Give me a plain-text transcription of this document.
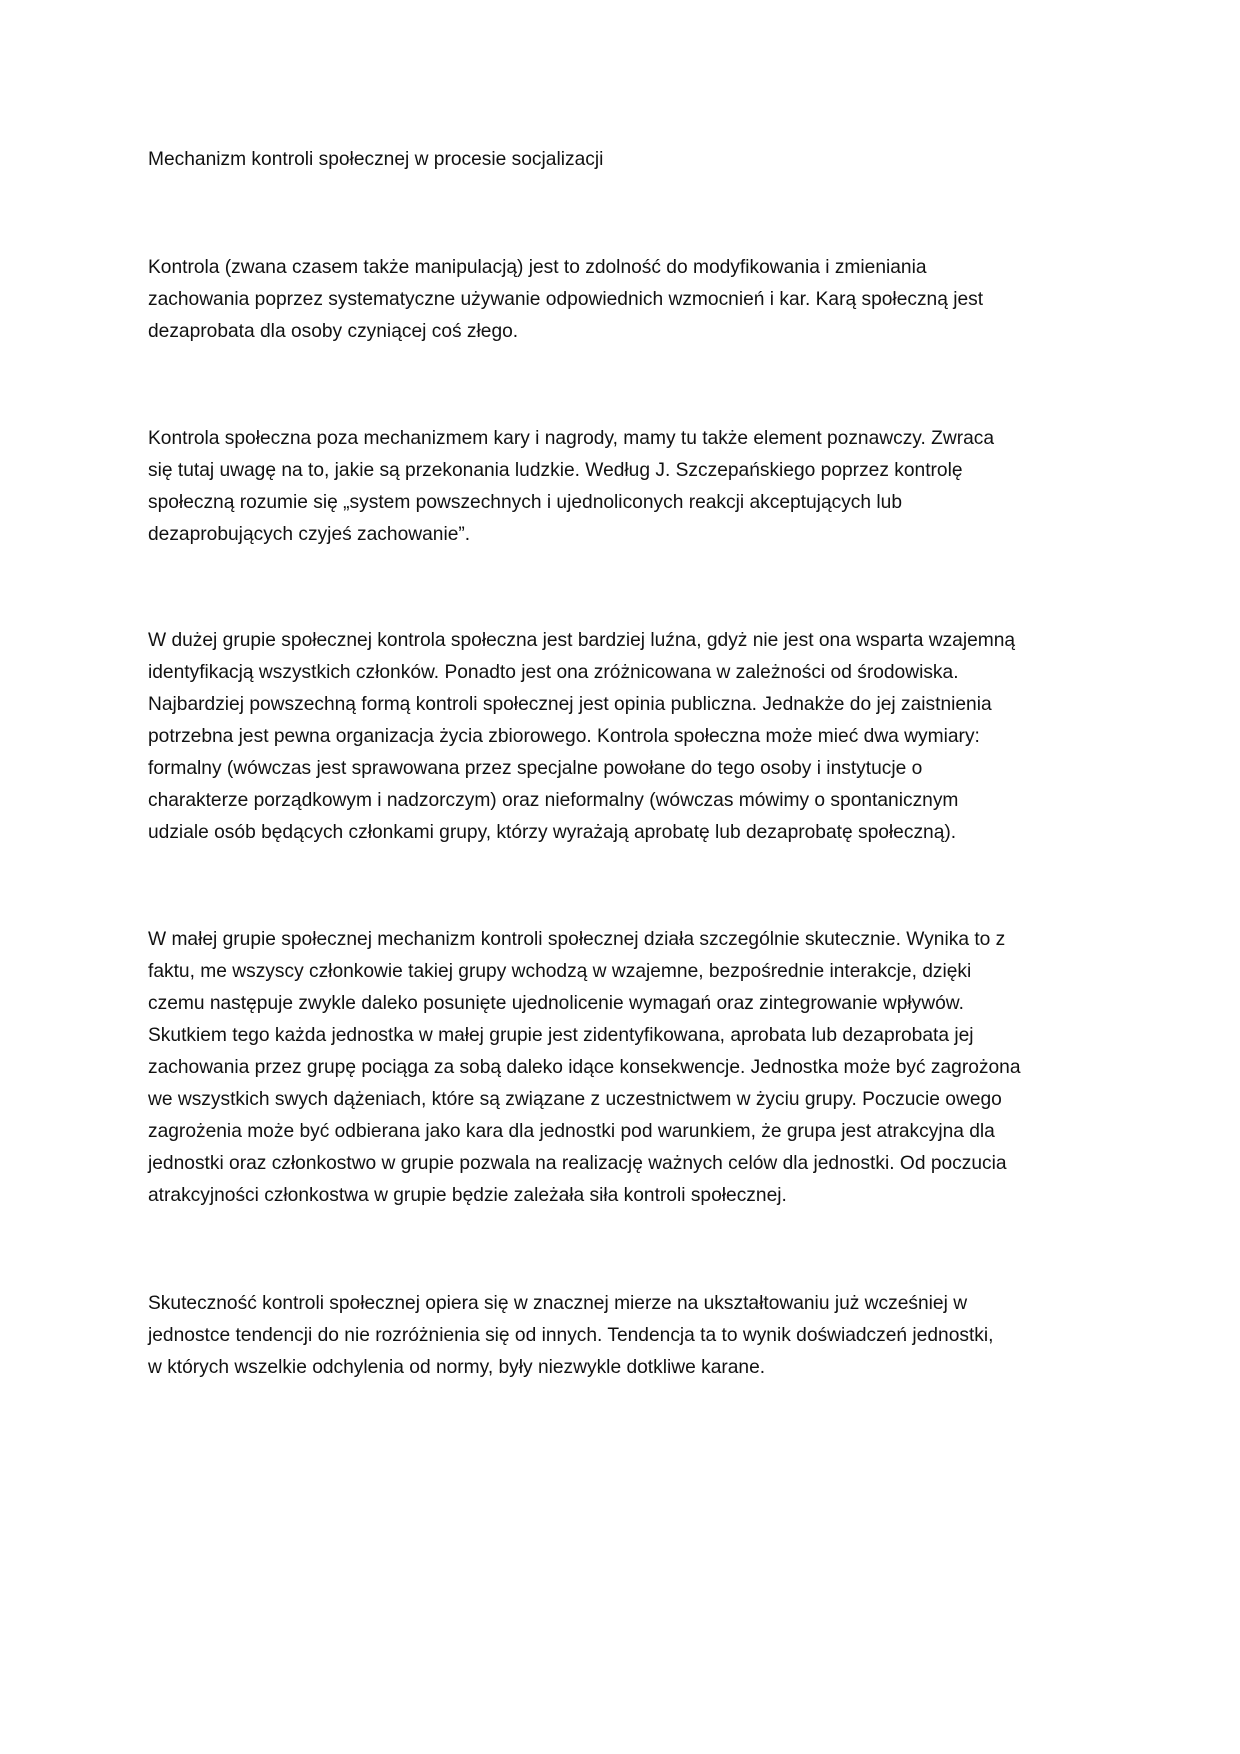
Mechanizm kontroli społecznej w procesie socjalizacji

Kontrola (zwana czasem także manipulacją) jest to zdolność do modyfikowania i zmieniania
zachowania poprzez systematyczne używanie odpowiednich wzmocnień i kar. Karą społeczną jest
dezaprobata dla osoby czyniącej coś złego.

Kontrola społeczna poza mechanizmem kary i nagrody, mamy tu także element poznawczy. Zwraca
się tutaj uwagę na to, jakie są przekonania ludzkie. Według J. Szczepańskiego poprzez kontrolę
społeczną rozumie się „system powszechnych i ujednoliconych reakcji akceptujących lub
dezaprobujących czyjeś zachowanie”.

W dużej grupie społecznej kontrola społeczna jest bardziej luźna, gdyż nie jest ona wsparta wzajemną
identyfikacją wszystkich członków. Ponadto jest ona zróżnicowana w zależności od środowiska.
Najbardziej powszechną formą kontroli społecznej jest opinia publiczna. Jednakże do jej zaistnienia
potrzebna jest pewna organizacja życia zbiorowego. Kontrola społeczna może mieć dwa wymiary:
formalny (wówczas jest sprawowana przez specjalne powołane do tego osoby i instytucje o
charakterze porządkowym i nadzorczym) oraz nieformalny (wówczas mówimy o spontanicznym
udziale osób będących członkami grupy, którzy wyrażają aprobatę lub dezaprobatę społeczną).

W małej grupie społecznej mechanizm kontroli społecznej działa szczególnie skutecznie. Wynika to z
faktu, me wszyscy członkowie takiej grupy wchodzą w wzajemne, bezpośrednie interakcje, dzięki
czemu następuje zwykle daleko posunięte ujednolicenie wymagań oraz zintegrowanie wpływów.
Skutkiem tego każda jednostka w małej grupie jest zidentyfikowana, aprobata lub dezaprobata jej
zachowania przez grupę pociąga za sobą daleko idące konsekwencje. Jednostka może być zagrożona
we wszystkich swych dążeniach, które są związane z uczestnictwem w życiu grupy. Poczucie owego
zagrożenia może być odbierana jako kara dla jednostki pod warunkiem, że grupa jest atrakcyjna dla
jednostki oraz członkostwo w grupie pozwala na realizację ważnych celów dla jednostki. Od poczucia
atrakcyjności członkostwa w grupie będzie zależała siła kontroli społecznej.

Skuteczność kontroli społecznej opiera się w znacznej mierze na ukształtowaniu już wcześniej w
jednostce tendencji do nie rozróżnienia się od innych. Tendencja ta to wynik doświadczeń jednostki,
w których wszelkie odchylenia od normy, były niezwykle dotkliwe karane.
